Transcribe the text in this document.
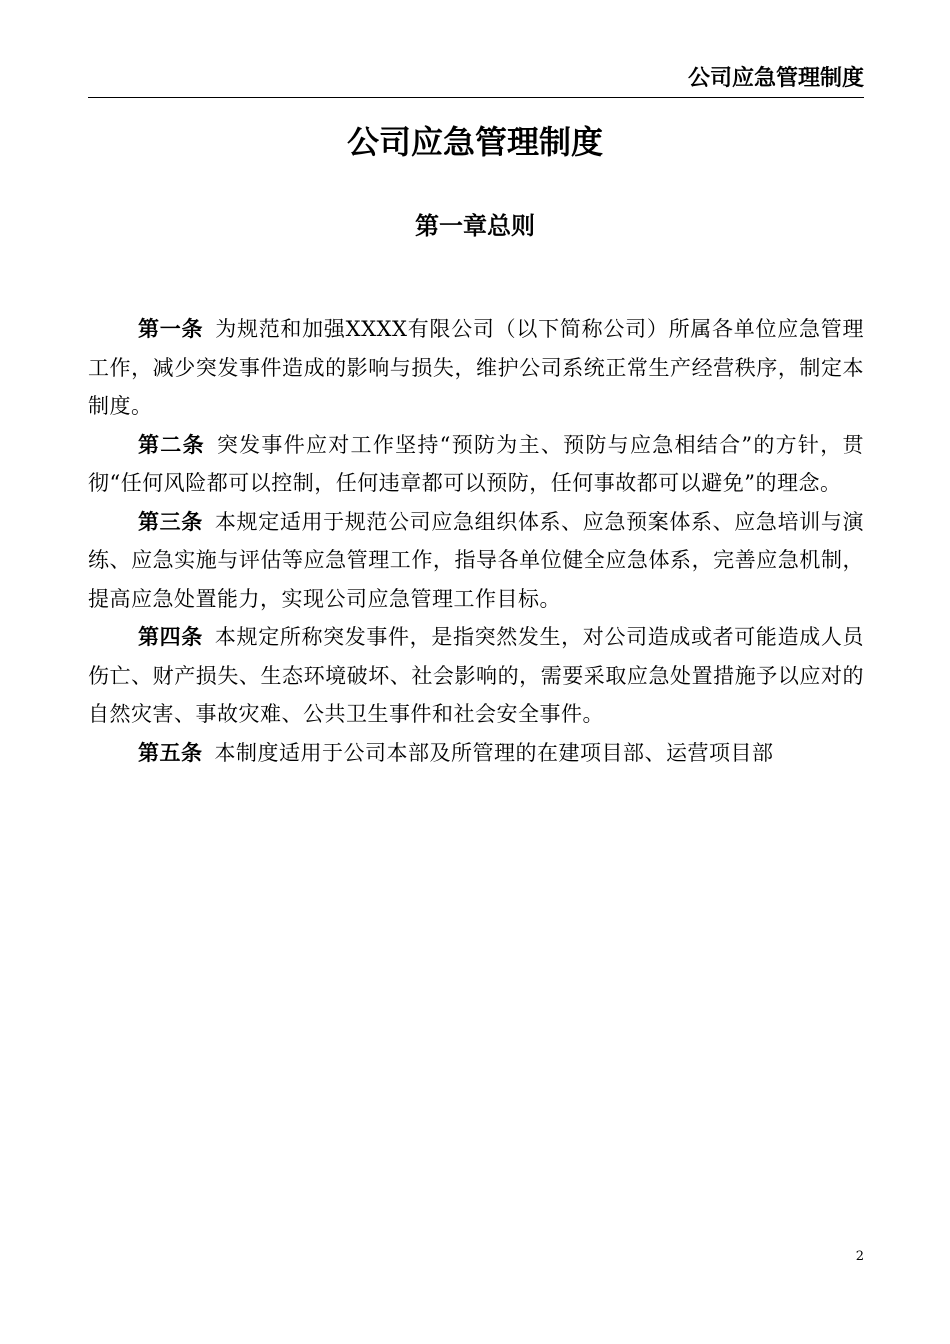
公司应急管理制度
公司应急管理制度
第一章总则

第一条 为规范和加强XXXX有限公司（以下简称公司）所属各单位应急管理工作，减少突发事件造成的影响与损失，维护公司系统正常生产经营秩序，制定本制度。

第二条 突发事件应对工作坚持“预防为主、预防与应急相结合”的方针，贯彻“任何风险都可以控制，任何违章都可以预防，任何事故都可以避免”的理念。

第三条 本规定适用于规范公司应急组织体系、应急预案体系、应急培训与演练、应急实施与评估等应急管理工作，指导各单位健全应急体系，完善应急机制，提高应急处置能力，实现公司应急管理工作目标。

第四条 本规定所称突发事件，是指突然发生，对公司造成或者可能造成人员伤亡、财产损失、生态环境破坏、社会影响的，需要采取应急处置措施予以应对的自然灾害、事故灾难、公共卫生事件和社会安全事件。

第五条 本制度适用于公司本部及所管理的在建项目部、运营项目部

2
